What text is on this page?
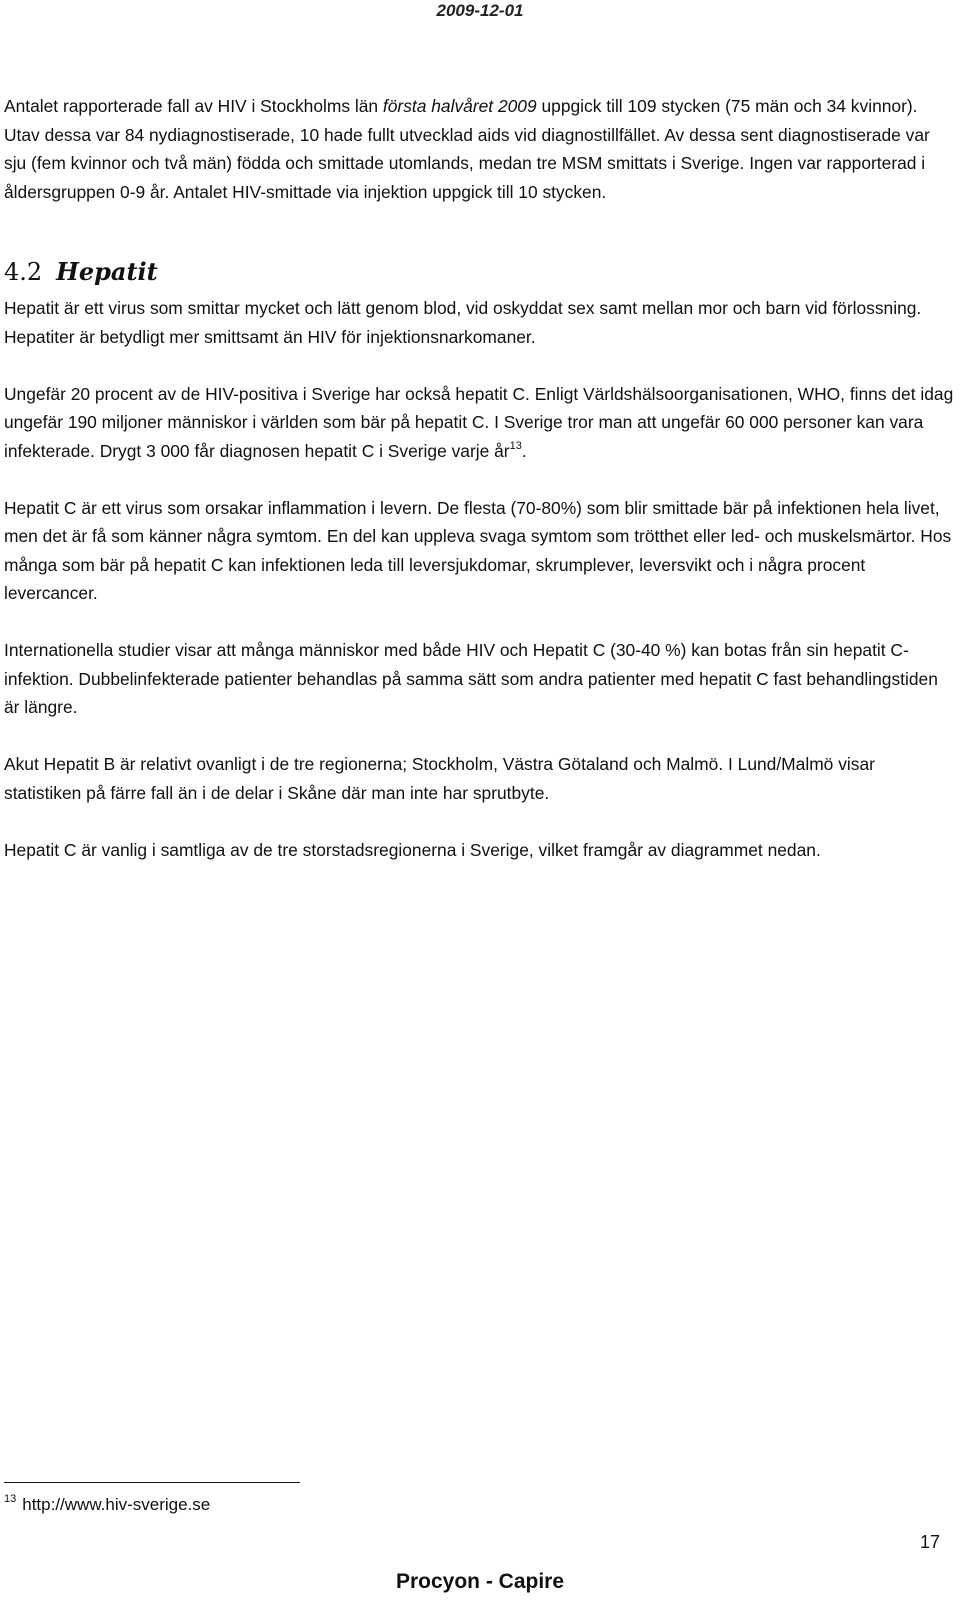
2009-12-01

Antalet rapporterade fall av HIV i Stockholms län första halvåret 2009 uppgick till 109 stycken (75 män och 34 kvinnor). Utav dessa var 84 nydiagnostiserade, 10 hade fullt utvecklad aids vid diagnostillfället. Av dessa sent diagnostiserade var sju (fem kvinnor och två män) födda och smittade utomlands, medan tre MSM smittats i Sverige. Ingen var rapporterad i åldersgruppen 0-9 år. Antalet HIV-smittade via injektion uppgick till 10 stycken.

4.2 Hepatit

Hepatit är ett virus som smittar mycket och lätt genom blod, vid oskyddat sex samt mellan mor och barn vid förlossning. Hepatiter är betydligt mer smittsamt än HIV för injektionsnarkomaner.

Ungefär 20 procent av de HIV-positiva i Sverige har också hepatit C. Enligt Världshälsoorganisationen, WHO, finns det idag ungefär 190 miljoner människor i världen som bär på hepatit C. I Sverige tror man att ungefär 60 000 personer kan vara infekterade. Drygt 3 000 får diagnosen hepatit C i Sverige varje $år^{13}$.

Hepatit C är ett virus som orsakar inflammation i levern. De flesta (70-80%) som blir smittade bär på infektionen hela livet, men det är få som känner några symtom. En del kan uppleva svaga symtom som trötthet eller led- och muskelsmärtor. Hos många som bär på hepatit C kan infektionen leda till leversjukdomar, skrumplever, leversvikt och i några procent levercancer.

Internationella studier visar att många människor med både HIV och Hepatit C (30-40 %) kan botas från sin hepatit C-infektion. Dubbelinfekterade patienter behandlas på samma sätt som andra patienter med hepatit C fast behandlingstiden är längre.

Akut Hepatit B är relativt ovanligt i de tre regionerna; Stockholm, Västra Götaland och Malmö. I Lund/Malmö visar statistiken på färre fall än i de delar i Skåne där man inte har sprutbyte.

Hepatit C är vanlig i samtliga av de tre storstadsregionerna i Sverige, vilket framgår av diagrammet nedan.

$^{13}$ http://www.hiv-sverige.se
17
Procyon - Capire
